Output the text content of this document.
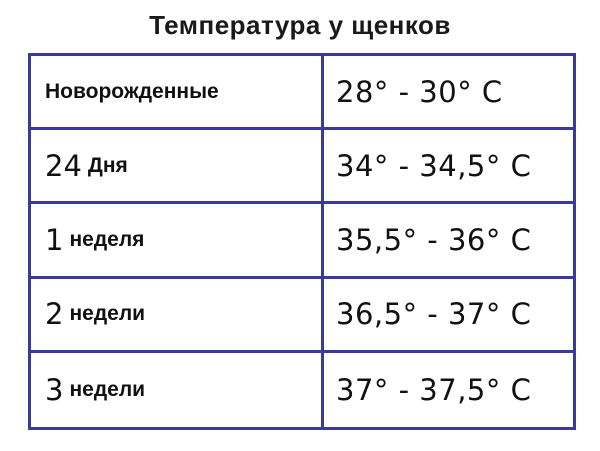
Температура у щенков
Новорожденные	28° - 30° C
24 Дня	34° - 34,5° C
1 неделя	35,5° - 36° C
2 недели	36,5° - 37° C
3 недели	37° - 37,5° C
